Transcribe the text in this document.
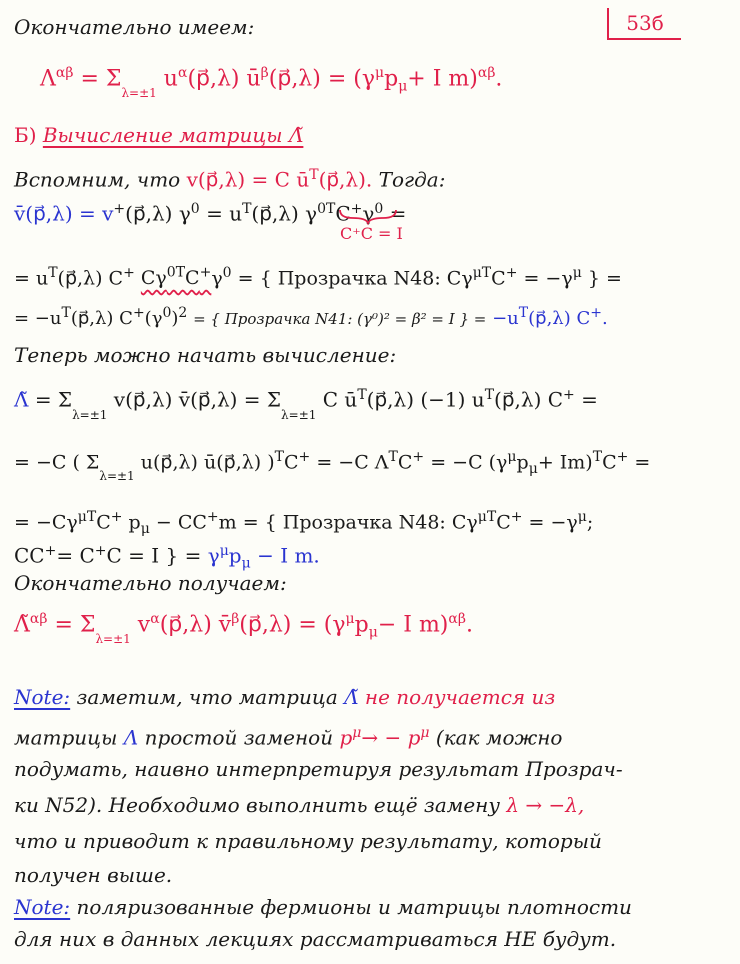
53б
Окончательно имеем:
$\Lambda^{\alpha\beta} = \Sigma_{\lambda=\pm 1}$ $u^\alpha(p⃗,\lambda)$ $ū^\beta(p⃗,\lambda) = (\gamma^\mu p_\mu+ I$ m)$^{\alpha\beta}$.
Б) Вычисление матрицы Λ̃
Вспомним, что v(p⃗,λ) = C $ū^T(p⃗,\lambda)$. Тогда:
v̄(p⃗,λ) = v+(p⃗,λ) $\gamma^0$ = $u^T(p⃗,\lambda) \gamma^{0T}C^+\gamma^0$ =
C⁺C = I
= $u^T(p⃗,\lambda)$ C+ $C\gamma^{0T}C^+\gamma^0$ = { Прозрачка N48: $C\gamma^{\mu T}C^+ = -\gamma^\mu$ } =
= $-u^T(p⃗,\lambda) C^+(\gamma^0)^2$ = { Прозрачка N41: (γ⁰)² = β² = I } = $-u^T(p⃗,\lambda)$ C+.
Теперь можно начать вычисление:
Λ̃ = $\Sigma_{\lambda=\pm 1}$ v(p⃗,λ) v̄(p⃗,λ) = $\Sigma_{\lambda=\pm 1}$ C $ū^T(p⃗,\lambda)$ (−1) $u^T(p⃗,\lambda) C^+$ =
= −C ( $\Sigma_{\lambda=\pm 1}$ u(p⃗,λ) ū(p⃗,λ) )$^T$C+ = −C $\Lambda^TC^+ = -C$ $(\gamma^\mu p_\mu+ Im)^TC^+$ =
= $-C\gamma^{\mu T}C^+$ $p_\mu - CC^+m$ = { Прозрачка N48: $C\gamma^{\mu T}C^+ = -\gamma^\mu$;
CC+= C+C = I } = $\gamma^\mu p_\mu - I$ m.
Окончательно получаем:
Λ̃$^{\alpha\beta}$ = $\Sigma_{\lambda=\pm 1}$ $v^\alpha(p⃗,\lambda)$ v̄$^\beta$(p⃗,λ) = ($\gamma^\mu p_\mu- I$ m)$^{\alpha\beta}$.
Note: заметим, что матрица Λ̃ не получается из
матрицы Λ простой заменой $p^\mu\to - p^\mu$ (как можно
подумать, наивно интерпретируя результат Прозрач-
ки N52). Необходимо выполнить ещё замену λ → −λ,
что и приводит к правильному результату, который
получен выше.
Note: поляризованные фермионы и матрицы плотности
для них в данных лекциях рассматриваться НЕ будут.
